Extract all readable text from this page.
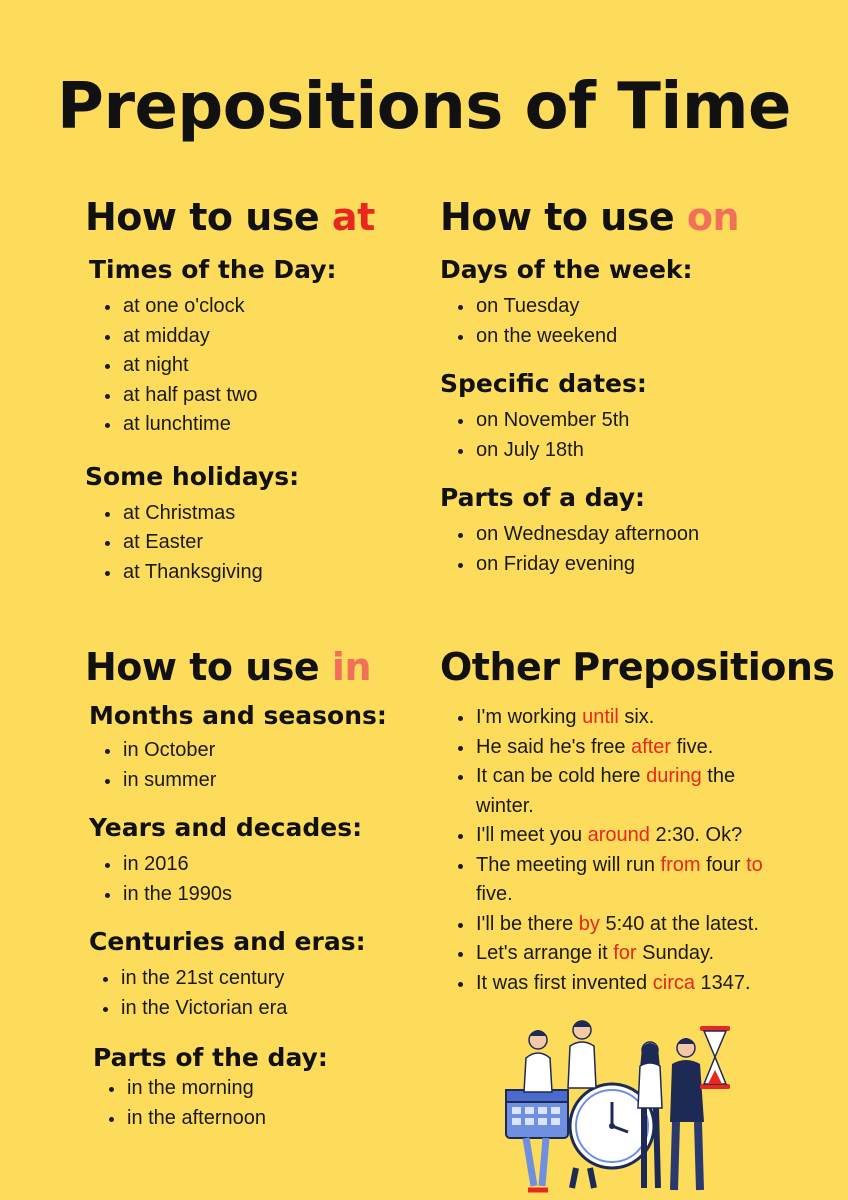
Prepositions of Time
How to use at
Times of the Day:
at one o'clock
at midday
at night
at half past two
at lunchtime
Some holidays:
at Christmas
at Easter
at Thanksgiving
How to use on
Days of the week:
on Tuesday
on the weekend
Specific dates:
on November 5th
on July 18th
Parts of a day:
on Wednesday afternoon
on Friday evening
How to use in
Months and seasons:
in October
in summer
Years and decades:
in 2016
in the 1990s
Centuries and eras:
in the 21st century
in the Victorian era
Parts of the day:
in the morning
in the afternoon
Other Prepositions
I'm working until six.
He said he's free after five.
It can be cold here during the winter.
I'll meet you around 2:30. Ok?
The meeting will run from four to five.
I'll be there by 5:40 at the latest.
Let's arrange it for Sunday.
It was first invented circa 1347.
